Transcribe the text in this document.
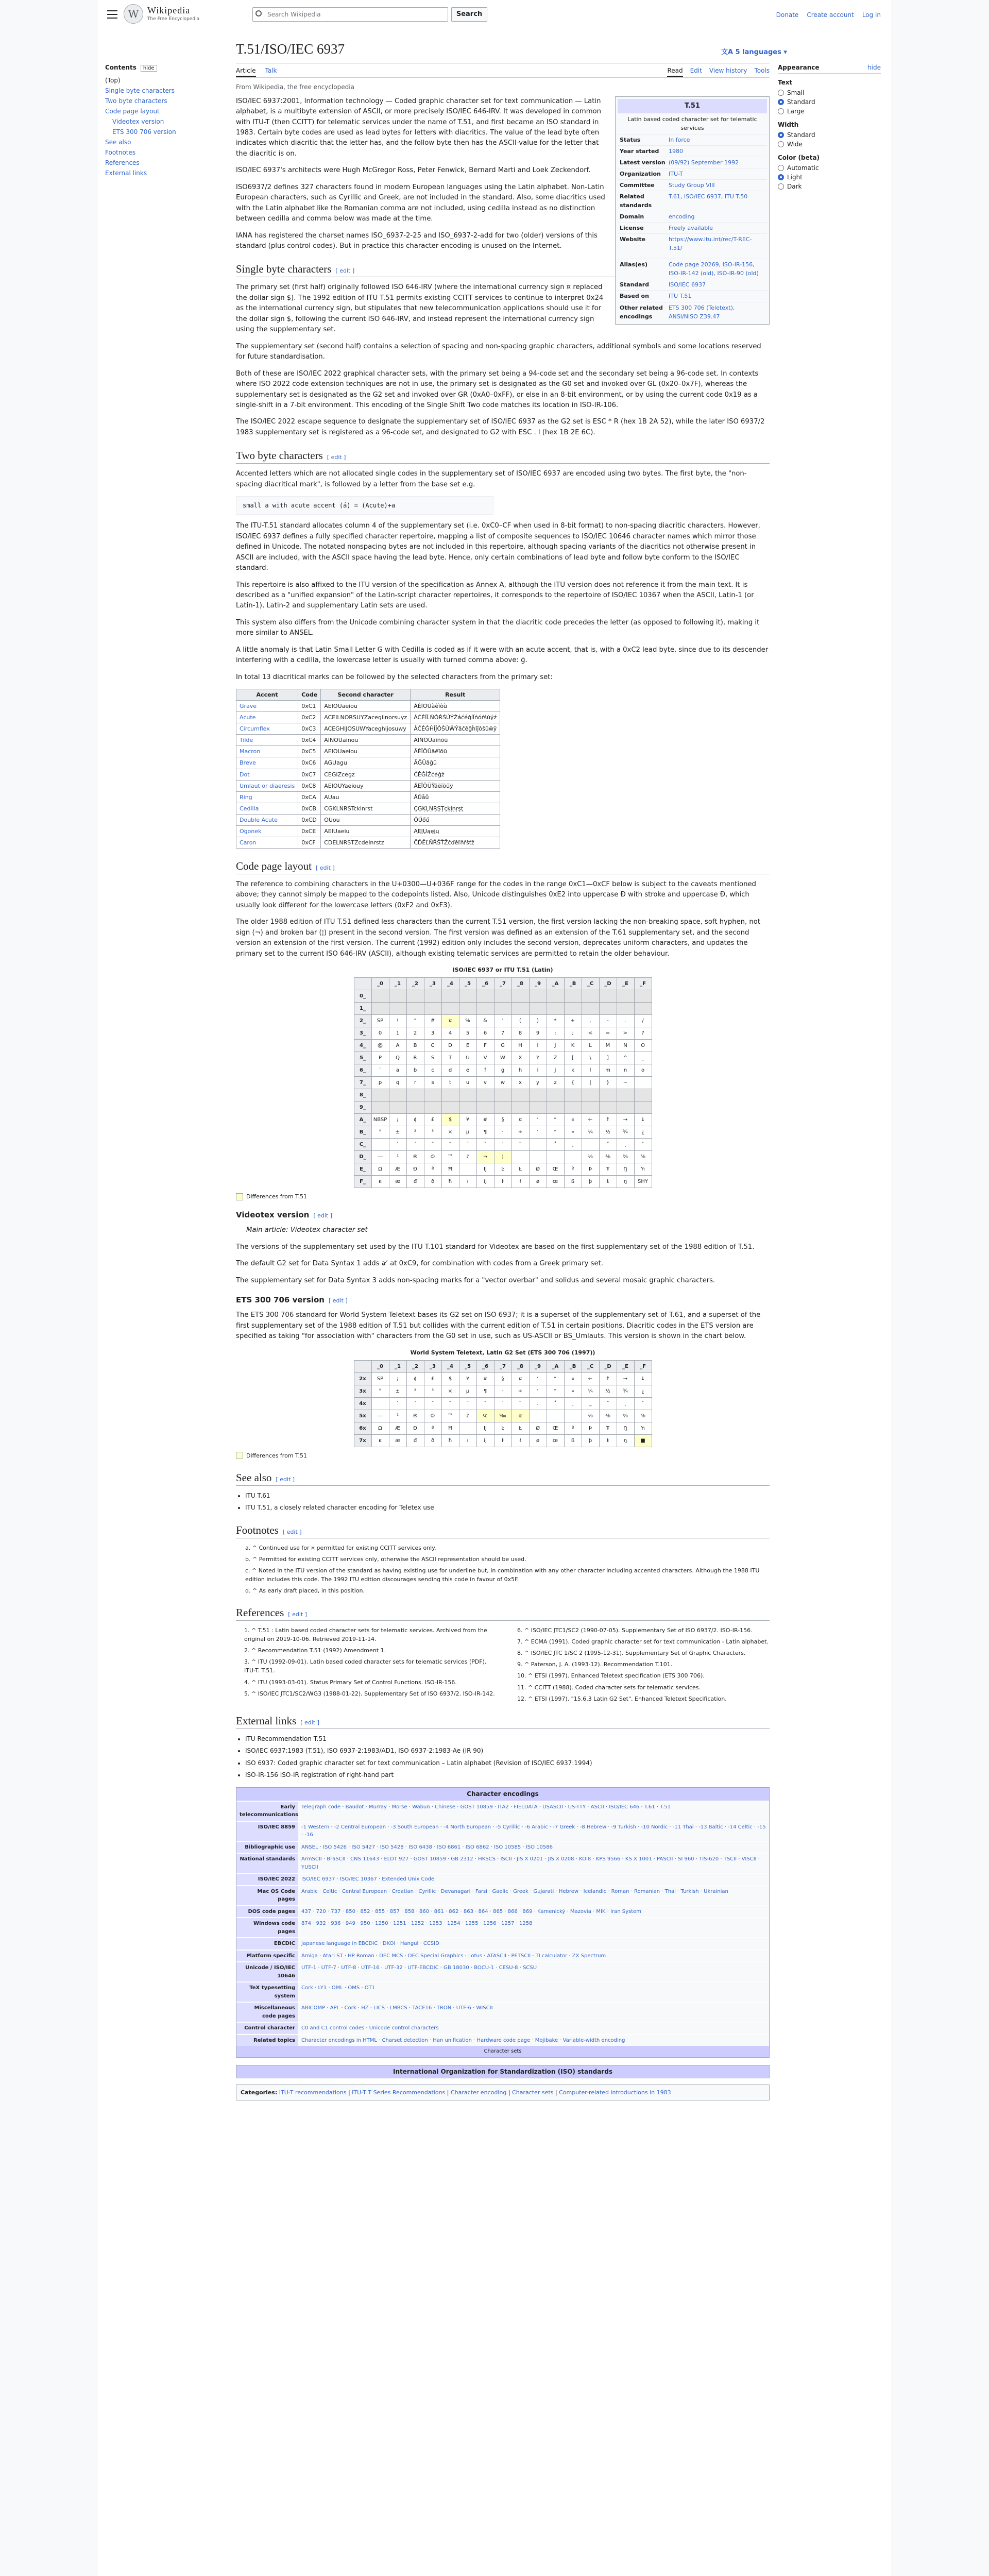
W Wikipedia
The Free Encyclopedia
Search Wikipedia	Search	Donate Create account Log in
Contents hide
(Top)
Single byte characters
Two byte characters
Code page layout
Videotex version
ETS 300 706 version
See also
Footnotes
References
External links
T.51/ISO/IEC 6937	文A 5 languages ▾
Article Talk	Read Edit View history Tools	hide
Appearance
Text
Small
Standard
Large
Width
Standard
Wide
Color (beta)
Automatic
Light
Dark
From Wikipedia, the free encyclopedia
T.51
Latin based coded character set for telematic services
Status	In force
Year started	1980
Latest version (09/92) September 1992
Organization	ITU-T
Committee	Study Group VIII
Related standards
T.61, ISO/IEC 6937, ITU T.50
Domain	encoding
License	Freely available
Website	https://www.itu.int/rec/T-REC-T.51/
Alias(es)	Code page 20269, ISO-IR-156, ISO-IR-142 (old), ISO-IR-90 (old)
Standard	ISO/IEC 6937
Based on	ITU T.51
Other related encodings
ETS 300 706 (Teletext), ANSI/NISO Z39.47

ISO/IEC 6937:2001, Information technology — Coded graphic character set for text communication — Latin alphabet, is a multibyte extension of ASCII, or more precisely ISO/IEC 646-IRV. It was developed in common with ITU-T (then CCITT) for telematic services under the name of T.51, and first became an ISO standard in 1983. Certain byte codes are used as lead bytes for letters with diacritics. The value of the lead byte often indicates which diacritic that the letter has, and the follow byte then has the ASCII-value for the letter that the diacritic is on.

ISO/IEC 6937's architects were Hugh McGregor Ross, Peter Fenwick, Bernard Marti and Loek Zeckendorf.

ISO6937/2 defines 327 characters found in modern European languages using the Latin alphabet. Non-Latin European characters, such as Cyrillic and Greek, are not included in the standard. Also, some diacritics used with the Latin alphabet like the Romanian comma are not included, using cedilla instead as no distinction between cedilla and comma below was made at the time.

IANA has registered the charset names ISO_6937-2-25 and ISO_6937-2-add for two (older) versions of this standard (plus control codes). But in practice this character encoding is unused on the Internet.

Single byte characters [ edit ]

The primary set (first half) originally followed ISO 646-IRV (where the international currency sign ¤ replaced the dollar sign $). The 1992 edition of ITU T.51 permits existing CCITT services to continue to interpret 0x24 as the international currency sign, but stipulates that new telecommunication applications should use it for the dollar sign $, following the current ISO 646-IRV, and instead represent the international currency sign using the supplementary set.

The supplementary set (second half) contains a selection of spacing and non-spacing graphic characters, additional symbols and some locations reserved for future standardisation.

Both of these are ISO/IEC 2022 graphical character sets, with the primary set being a 94-code set and the secondary set being a 96-code set. In contexts where ISO 2022 code extension techniques are not in use, the primary set is designated as the G0 set and invoked over GL (0x20–0x7F), whereas the supplementary set is designated as the G2 set and invoked over GR (0xA0–0xFF), or else in an 8-bit environment, or by using the current code 0x19 as a single-shift in a 7-bit environment. This encoding of the Single Shift Two code matches its location in ISO-IR-106.

The ISO/IEC 2022 escape sequence to designate the supplementary set of ISO/IEC 6937 as the G2 set is ESC * R (hex 1B 2A 52), while the later ISO 6937/2 1983 supplementary set is registered as a 96-code set, and designated to G2 with ESC . l (hex 1B 2E 6C).

Two byte characters [ edit ]

Accented letters which are not allocated single codes in the supplementary set of ISO/IEC 6937 are encoded using two bytes. The first byte, the "non-spacing diacritical mark", is followed by a letter from the base set e.g.

small a with acute accent (á) = (Acute)+a

The ITU-T.51 standard allocates column 4 of the supplementary set (i.e. 0xC0–CF when used in 8-bit format) to non-spacing diacritic characters. However, ISO/IEC 6937 defines a fully specified character repertoire, mapping a list of composite sequences to ISO/IEC 10646 character names which mirror those defined in Unicode. The notated nonspacing bytes are not included in this repertoire, although spacing variants of the diacritics not otherwise present in ASCII are included, with the ASCII space having the lead byte. Hence, only certain combinations of lead byte and follow byte conform to the ISO/IEC standard.

This repertoire is also affixed to the ITU version of the specification as Annex A, although the ITU version does not reference it from the main text. It is described as a "unified expansion" of the Latin-script character repertoires, it corresponds to the repertoire of ISO/IEC 10367 when the ASCII, Latin-1 (or Latin-1), Latin-2 and supplementary Latin sets are used.

This system also differs from the Unicode combining character system in that the diacritic code precedes the letter (as opposed to following it), making it more similar to ANSEL.

A little anomaly is that Latin Small Letter G with Cedilla is coded as if it were with an acute accent, that is, with a 0xC2 lead byte, since due to its descender interfering with a cedilla, the lowercase letter is usually with turned comma above: ģ.

In total 13 diacritical marks can be followed by the selected characters from the primary set:

Accent	Code	Second character	Result
Grave	0xC1	AEIOUaeiou	ÀÈÌÒÙàèìòù
Acute	0xC2	ACEILNORSUYZacegilnorsuyz	ÁĆÉÍĹŃÓŔŚÚÝŹáćéģíĺńóŕśúýź
Circumflex	0xC3	ACEGHIJOSUWYaceghijosuwy	ÂĈÊĜĤÎĴÔŜÛŴŶâĉêĝĥîĵôŝûŵŷ
Tilde	0xC4	AINOUainou	ÃĨÑÕŨãĩñõũ
Macron	0xC5	AEIOUaeiou	ĀĒĪŌŪāēīōū
Breve	0xC6	AGUagu	ĂĞŬăğŭ
Dot	0xC7	CEGIZcegz	ĊĖĠİŻċėġż
Umlaut or diaeresis	0xC8	AEIOUYaeiouy	ÄËÏÖÜŸäëïöüÿ
Ring	0xCA	AUau	ÅŮåů
Cedilla	0xCB	CGKLNRSTcklnrst	ÇĢĶĻŅŖŞŢçķļņŗşţ
Double Acute	0xCD	OUou	ŐŰőű
Ogonek	0xCE	AEIUaeiu	ĄĘĮŲąęįų
Caron	0xCF	CDELNRSTZcdelnrstz	ČĎĚĽŇŘŠŤŽčďěľňřšťž
Code page layout [ edit ]

The reference to combining characters in the U+0300—U+036F range for the codes in the range 0xC1—0xCF below is subject to the caveats mentioned above; they cannot simply be mapped to the codepoints listed. Also, Unicode distinguishes 0xE2 into uppercase Đ with stroke and uppercase Ð, which usually look different for the lowercase letters (0xF2 and 0xF3).

The older 1988 edition of ITU T.51 defined less characters than the current T.51 version, the first version lacking the non-breaking space, soft hyphen, not sign (¬) and broken bar (¦) present in the second version. The first version was defined as an extension of the T.61 supplementary set, and the second version an extension of the first version. The current (1992) edition only includes the second version, deprecates uniform characters, and updates the primary set to the current ISO 646-IRV (ASCII), although existing telematic services are permitted to retain the older behaviour.

ISO/IEC 6937 or ITU T.51 (Latin)
	_0	_1	_2	_3	_4	_5	_6	_7	_8	_9	_A	_B	_C	_D	_E	_F
0_																
1_																
2_	SP	!	"	#	¤	%	&	'	(	)	*	+	,	-	.	/
3_	0	1	2	3	4	5	6	7	8	9	:	;	<	=	>	?
4_	@	A	B	C	D	E	F	G	H	I	J	K	L	M	N	O
5_	P	Q	R	S	T	U	V	W	X	Y	Z	[	\	]	^	_
6_	`	a	b	c	d	e	f	g	h	i	j	k	l	m	n	o
7_	p	q	r	s	t	u	v	w	x	y	z	{	|	}	~	
8_																
9_																
A_	NBSP	¡	¢	£	$	¥	#	§	¤	‘	“	«	←	↑	→	↓
B_	°	±	²	³	×	µ	¶	·	÷	’	”	»	¼	½	¾	¿
C_		`	´	ˆ	˜	¯	˘	˙	¨		˚	¸		˝	˛	ˇ
D_	―	¹	®	©	™	♪	¬	¦					⅛	⅜	⅝	⅞
E_	Ω	Æ	Đ	ª	Ħ		Ĳ	Ŀ	Ł	Ø	Œ	º	Þ	Ŧ	Ŋ	ŉ
F_	ĸ	æ	đ	ð	ħ	ı	ĳ	ŀ	ł	ø	œ	ß	þ	ŧ	ŋ	SHY
Differences from T.51
Videotex version [ edit ]

Main article: Videotex character set

The versions of the supplementary set used by the ITU T.101 standard for Videotex are based on the first supplementary set of the 1988 edition of T.51.

The default G2 set for Data Syntax 1 adds a ̸ at 0xC9, for combination with codes from a Greek primary set.

The supplementary set for Data Syntax 3 adds non-spacing marks for a "vector overbar" and solidus and several mosaic graphic characters.

ETS 300 706 version [ edit ]

The ETS 300 706 standard for World System Teletext bases its G2 set on ISO 6937; it is a superset of the supplementary set of T.61, and a superset of the first supplementary set of the 1988 edition of T.51 but collides with the current edition of T.51 in certain positions. Diacritic codes in the ETS version are specified as taking "for association with" characters from the G0 set in use, such as US-ASCII or BS_Umlauts. This version is shown in the chart below.

World System Teletext, Latin G2 Set (ETS 300 706 (1997))
	_0	_1	_2	_3	_4	_5	_6	_7	_8	_9	_A	_B	_C	_D	_E	_F
2x	SP	¡	¢	£	$	¥	#	§	¤	‘	“	«	←	↑	→	↓
3x	°	±	²	³	×	µ	¶	·	÷	’	”	»	¼	½	¾	¿
4x		`	´	ˆ	˜	¯	˘	˙	¨	.	˚	¸	_	˝	˛	ˇ
5x	―	¹	®	©	™	♪	₠	‰	α				⅛	⅜	⅝	⅞
6x	Ω	Æ	Đ	ª	Ħ		Ĳ	Ŀ	Ł	Ø	Œ	º	Þ	Ŧ	Ŋ	ŉ
7x	ĸ	æ	đ	ð	ħ	ı	ĳ	ŀ	ł	ø	œ	ß	þ	ŧ	ŋ	■
Differences from T.51
See also [ edit ]
• ITU T.61
• ITU T.51, a closely related character encoding for Teletex use
Footnotes [ edit ]
a. ^ Continued use for ¤ permitted for existing CCITT services only.
b. ^ Permitted for existing CCITT services only, otherwise the ASCII representation should be used.
c. ^ Noted in the ITU version of the standard as having existing use for underline but, in combination with any other character including accented characters. Although the 1988 ITU edition includes this code. The 1992 ITU edition discourages sending this code in favour of 0x5F.
d. ^ As early draft placed, in this position.
References [ edit ]
1. ^ T.51 : Latin based coded character sets for telematic services. Archived from the original on 2019-10-06. Retrieved 2019-11-14.
2. ^ Recommendation T.51 (1992) Amendment 1.
3. ^ ITU (1992-09-01). Latin based coded character sets for telematic services (PDF). ITU-T. T.51.
4. ^ ITU (1993-03-01). Status Primary Set of Control Functions. ISO-IR-156.
5. ^ ISO/IEC JTC1/SC2/WG3 (1988-01-22). Supplementary Set of ISO 6937/2. ISO-IR-142.
6. ^ ISO/IEC JTC1/SC2 (1990-07-05). Supplementary Set of ISO 6937/2. ISO-IR-156.
7. ^ ECMA (1991). Coded graphic character set for text communication - Latin alphabet.
8. ^ ISO/IEC JTC 1/SC 2 (1995-12-31). Supplementary Set of Graphic Characters.
9. ^ Paterson, J. A. (1993-12). Recommendation T.101.
10. ^ ETSI (1997). Enhanced Teletext specification (ETS 300 706).
11. ^ CCITT (1988). Coded character sets for telematic services.
12. ^ ETSI (1997). "15.6.3 Latin G2 Set". Enhanced Teletext Specification.
External links [ edit ]
• ITU Recommendation T.51
• ISO/IEC 6937:1983 (T.51), ISO 6937-2:1983/AD1, ISO 6937-2:1983-Ae (IR 90)
• ISO 6937: Coded graphic character set for text communication – Latin alphabet (Revision of ISO/IEC 6937:1994)
• ISO-IR-156 ISO-IR registration of right-hand part
Character encodings
Early telecommunications
Telegraph code · Baudot · Murray · Morse · Wabun · Chinese · GOST 10859 · ITA2 · FIELDATA · USASCII · US-TTY · ASCII · ISO/IEC 646 · T.61 · T.51
ISO/IEC 8859	-1 Western · -2 Central European · -3 South European · -4 North European · -5 Cyrillic · -6 Arabic · -7 Greek · -8 Hebrew · -9 Turkish · -10 Nordic · -11 Thai · -13 Baltic · -14 Celtic · -15 · -16
Bibliographic use	ANSEL · ISO 5426 · ISO 5427 · ISO 5428 · ISO 6438 · ISO 6861 · ISO 6862 · ISO 10585 · ISO 10586
National standards	ArmSCII · BraSCII · CNS 11643 · ELOT 927 · GOST 10859 · GB 2312 · HKSCS · ISCII · JIS X 0201 · JIS X 0208 · KOI8 · KPS 9566 · KS X 1001 · PASCII · SI 960 · TIS-620 · TSCII · VISCII · YUSCII
ISO/IEC 2022	ISO/IEC 6937 · ISO/IEC 10367 · Extended Unix Code
Mac OS Code pages
Arabic · Celtic · Central European · Croatian · Cyrillic · Devanagari · Farsi · Gaelic · Greek · Gujarati · Hebrew · Icelandic · Roman · Romanian · Thai · Turkish · Ukrainian
DOS code pages	437 · 720 · 737 · 850 · 852 · 855 · 857 · 858 · 860 · 861 · 862 · 863 · 864 · 865 · 866 · 869 · Kamenický · Mazovia · MIK · Iran System
Windows code pages
874 · 932 · 936 · 949 · 950 · 1250 · 1251 · 1252 · 1253 · 1254 · 1255 · 1256 · 1257 · 1258
EBCDIC	Japanese language in EBCDIC · DKOI · Hangul · CCSID
Platform specific	Amiga · Atari ST · HP Roman · DEC MCS · DEC Special Graphics · Lotus · ATASCII · PETSCII · TI calculator · ZX Spectrum
Unicode / ISO/IEC 10646
UTF-1 · UTF-7 · UTF-8 · UTF-16 · UTF-32 · UTF-EBCDIC · GB 18030 · BOCU-1 · CESU-8 · SCSU
TeX typesetting system
Cork · LY1 · OML · OMS · OT1
Miscellaneous code pages
ABICOMP · APL · Cork · HZ · LICS · LMBCS · TACE16 · TRON · UTF-6 · WISCII
Control character	C0 and C1 control codes · Unicode control characters
Related topics	Character encodings in HTML · Charset detection · Han unification · Hardware code page · Mojibake · Variable-width encoding
Character sets
International Organization for Standardization (ISO) standards
Categories: ITU-T recommendations | ITU-T T Series Recommendations | Character encoding | Character sets | Computer-related introductions in 1983
